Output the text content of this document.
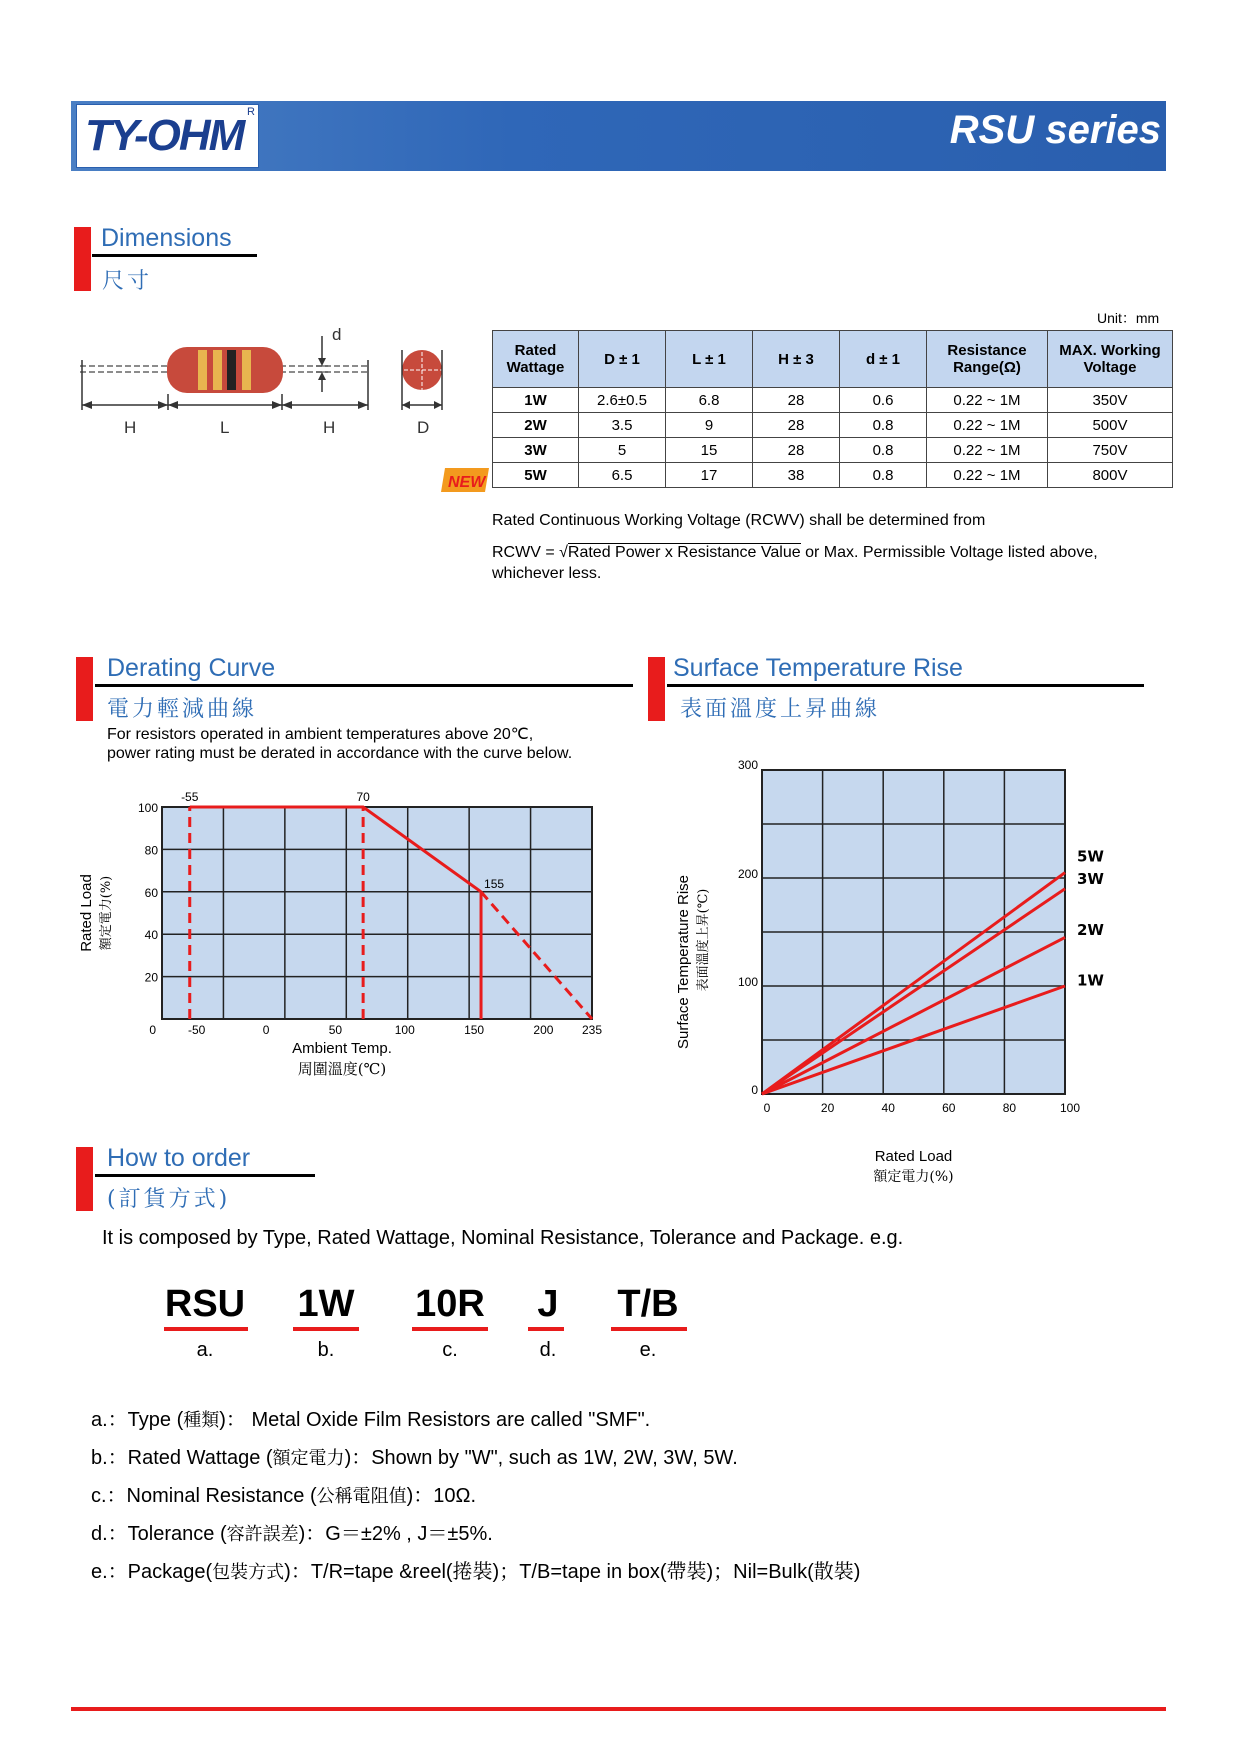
TY-OHM R	RSU series
Dimensions
尺寸
H	L	H
d
D
NEW
Unit：mm
Rated Wattage	D ± 1	L ± 1	H ± 3	d ± 1	Resistance Range(Ω)	MAX. Working Voltage
1W	2.6±0.5	6.8	28	0.6	0.22 ~ 1M	350V
2W	3.5	9	28	0.8	0.22 ~ 1M	500V
3W	5	15	28	0.8	0.22 ~ 1M	750V
5W	6.5	17	38	0.8	0.22 ~ 1M	800V
Rated Continuous Working Voltage (RCWV) shall be determined from
RCWV = √Rated Power x Resistance Value or Max. Permissible Voltage listed above,
whichever less.
Derating Curve
電力輕減曲線
For resistors operated in ambient temperatures above 20℃,
power rating must be derated in accordance with the curve below.
Surface Temperature Rise
表面溫度上昇曲線
20
40
60
80
100
0	-50	0	50	100	150	200 235
-55	70
155
Ambient Temp.
周圍溫度(℃)
Rated Load 額定電力(%)
0
100
200
300
0	20	40	60	80	100
5W
3W
2W
1W
Rated Load
額定電力(%)
Surface Temperature Rise 表面溫度上昇(℃)
How to order
(訂貨方式)
It is composed by Type, Rated Wattage, Nominal Resistance, Tolerance and Package. e.g.
RSU
a.
1W
b.
10R
c.
J
d.
T/B
e.
a.：Type (種類)： Metal Oxide Film Resistors are called "SMF".
b.：Rated Wattage (額定電力)：Shown by "W", such as 1W, 2W, 3W, 5W.
c.：Nominal Resistance (公稱電阻值)：10Ω.
d.：Tolerance (容許誤差)：G＝±2% , J＝±5%.
e.：Package(包裝方式)：T/R=tape &reel(捲裝)；T/B=tape in box(帶裝)；Nil=Bulk(散裝)
